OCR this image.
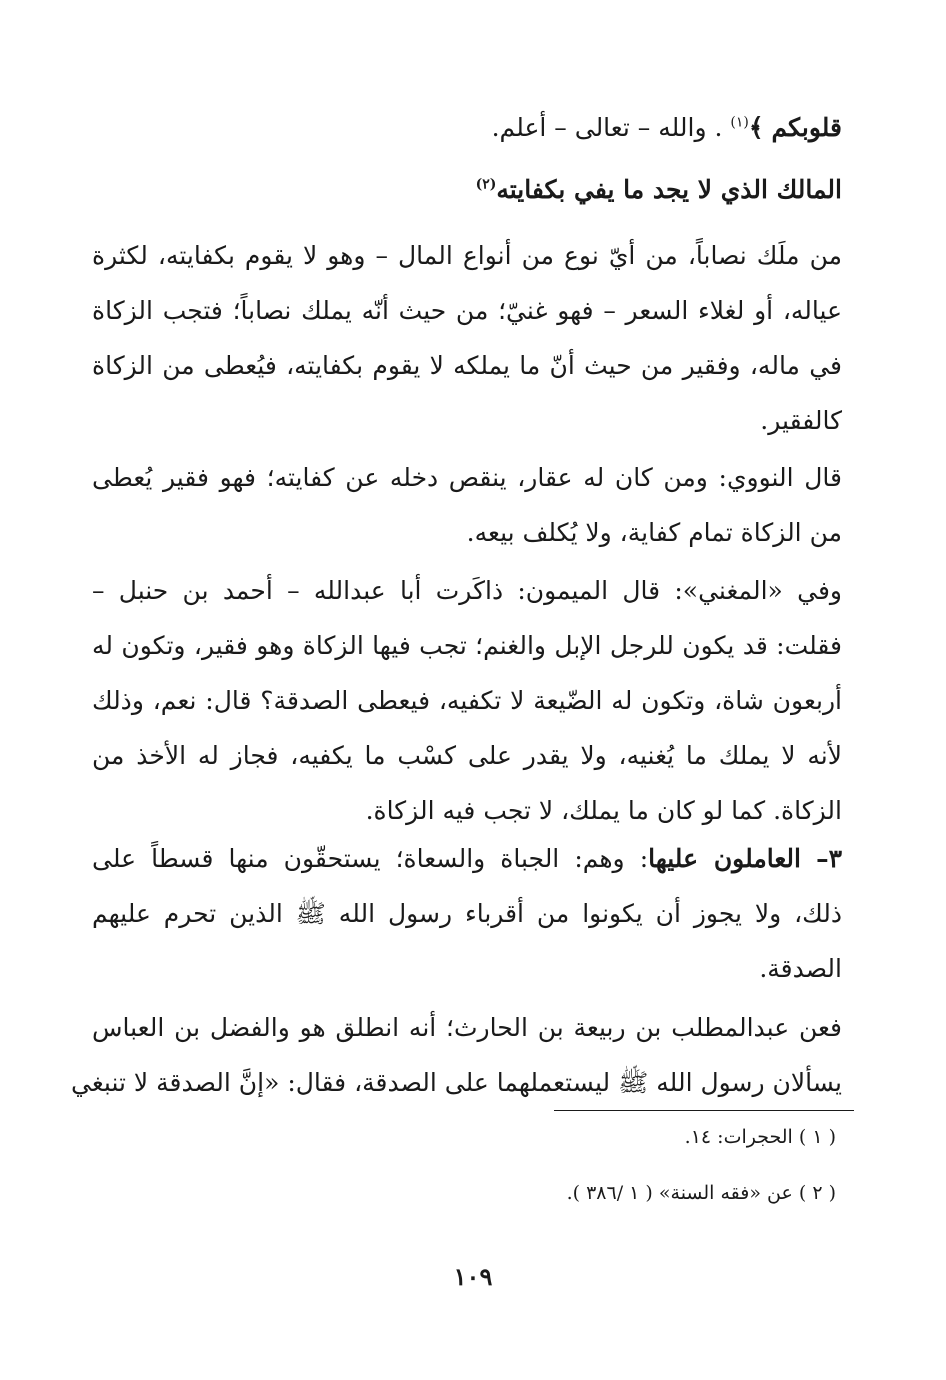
قلوبكم ﴾$^{(١)}$ . والله – تعالى – أعلم.
المالك الذي لا يجد ما يفي بكفايته$^{(٢)}$
من ملَك نصاباً، من أيّ نوع من أنواع المال – وهو لا يقوم بكفايته، لكثرة
عياله، أو لغلاء السعر – فهو غنيّ؛ من حيث أنّه يملك نصاباً؛ فتجب الزكاة
في ماله، وفقير من حيث أنّ ما يملكه لا يقوم بكفايته، فيُعطى من الزكاة
كالفقير.
قال النووي: ومن كان له عقار، ينقص دخله عن كفايته؛ فهو فقير يُعطى
من الزكاة تمام كفاية، ولا يُكلف بيعه.
وفي «المغني»: قال الميمون: ذاكَرت أبا عبدالله – أحمد بن حنبل –
فقلت: قد يكون للرجل الإبل والغنم؛ تجب فيها الزكاة وهو فقير، وتكون له
أربعون شاة، وتكون له الضّيعة لا تكفيه، فيعطى الصدقة؟ قال: نعم، وذلك
لأنه لا يملك ما يُغنيه، ولا يقدر على كسْب ما يكفيه، فجاز له الأخذ من
الزكاة. كما لو كان ما يملك، لا تجب فيه الزكاة.
٣– العاملون عليها: وهم: الجباة والسعاة؛ يستحقّون منها قسطاً على
ذلك، ولا يجوز أن يكونوا من أقرباء رسول الله ﷺ الذين تحرم عليهم
الصدقة.
فعن عبدالمطلب بن ربيعة بن الحارث؛ أنه انطلق هو والفضل بن العباس
يسألان رسول الله ﷺ ليستعملهما على الصدقة، فقال: «إنَّ الصدقة لا تنبغي
( ١ ) الحجرات: ١٤.
( ٢ ) عن «فقه السنة» ( ١ /٣٨٦ ).
١٠٩
